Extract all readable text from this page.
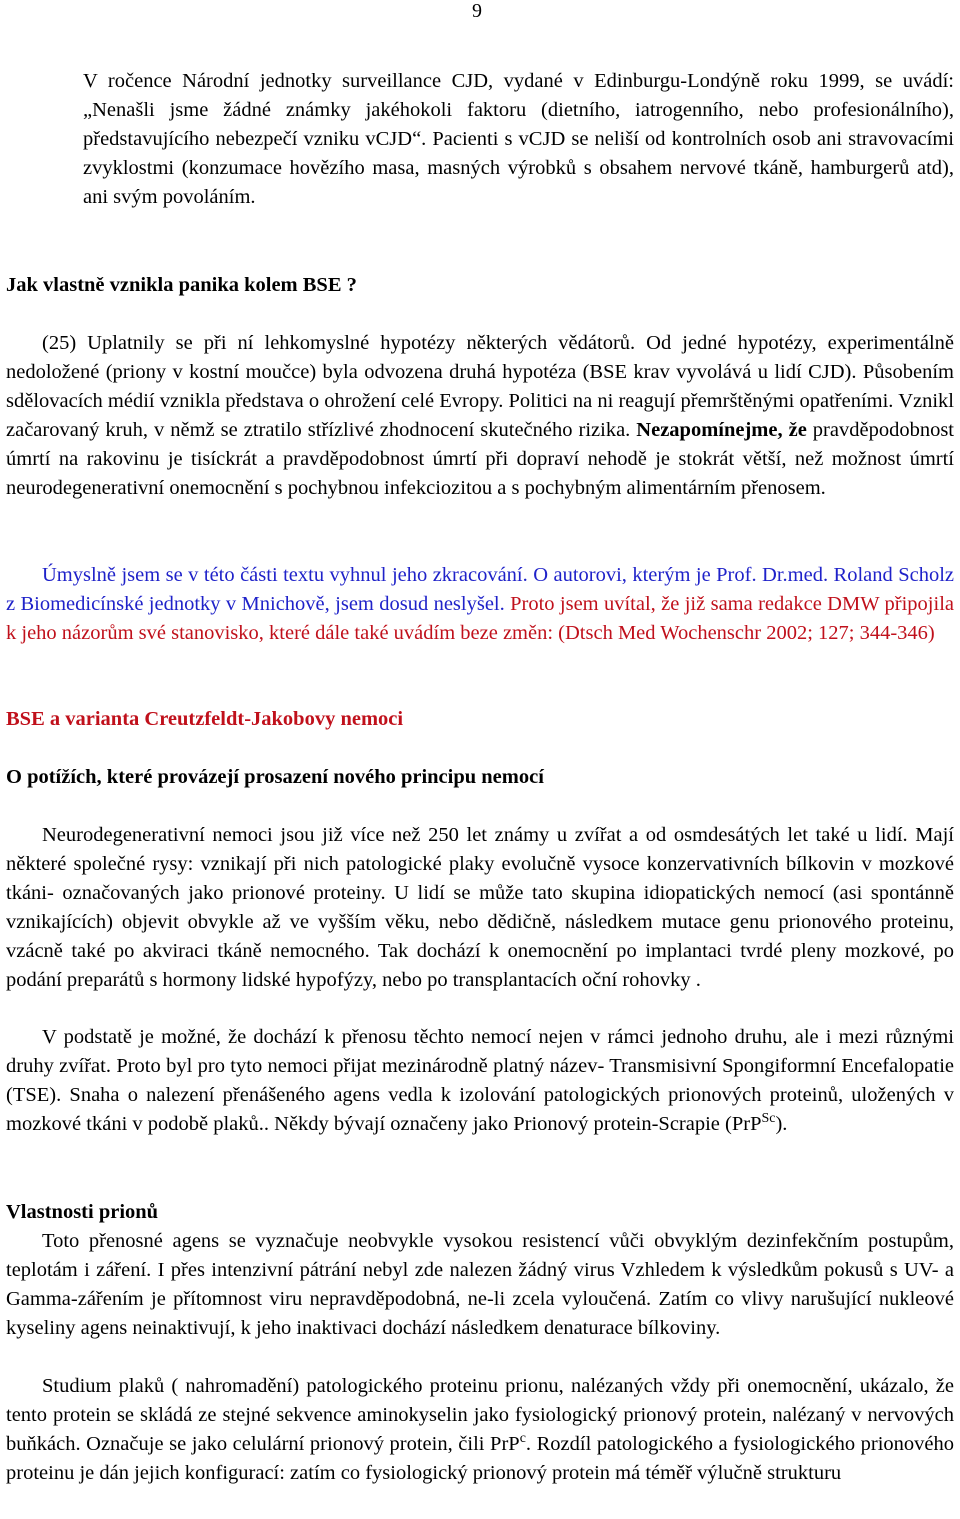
9

V ročence Národní jednotky surveillance CJD, vydané v Edinburgu-Londýně roku 1999, se uvádí: „Nenašli jsme žádné známky jakéhokoli faktoru (dietního, iatrogenního, nebo profesionálního), představujícího nebezpečí vzniku vCJD“. Pacienti s vCJD se neliší od kontrolních osob ani stravovacími zvyklostmi (konzumace hovězího masa, masných výrobků s obsahem nervové tkáně, hamburgerů atd), ani svým povoláním.

Jak vlastně vznikla panika kolem BSE ?

(25) Uplatnily se při ní lehkomyslné hypotézy některých vědátorů. Od jedné hypotézy, experimentálně nedoložené (priony v kostní moučce) byla odvozena druhá hypotéza (BSE krav vyvolává u lidí CJD). Působením sdělovacích médií vznikla představa o ohrožení celé Evropy. Politici na ni reagují přemrštěnými opatřeními. Vznikl začarovaný kruh, v němž se ztratilo střízlivé zhodnocení skutečného rizika. Nezapomínejme, že pravděpodobnost úmrtí na rakovinu je tisíckrát a pravděpodobnost úmrtí při dopraví nehodě je stokrát větší, než možnost úmrtí neurodegenerativní onemocnění s pochybnou infekciozitou a s pochybným alimentárním přenosem.

Úmyslně jsem se v této části textu vyhnul jeho zkracování. O autorovi, kterým je Prof. Dr.med. Roland Scholz z Biomedicínské jednotky v Mnichově, jsem dosud neslyšel. Proto jsem uvítal, že již sama redakce DMW připojila k jeho názorům své stanovisko, které dále také uvádím beze změn: (Dtsch Med Wochenschr 2002; 127; 344-346)

BSE a varianta Creutzfeldt-Jakobovy nemoci

O potížích, které provázejí prosazení nového principu nemocí

Neurodegenerativní nemoci jsou již více než 250 let známy u zvířat a od osmdesátých let také u lidí. Mají některé společné rysy: vznikají při nich patologické plaky evolučně vysoce konzervativních bílkovin v mozkové tkáni- označovaných jako prionové proteiny. U lidí se může tato skupina idiopatických nemocí (asi spontánně vznikajících) objevit obvykle až ve vyšším věku, nebo dědičně, následkem mutace genu prionového proteinu, vzácně také po akviraci tkáně nemocného. Tak dochází k onemocnění po implantaci tvrdé pleny mozkové, po podání preparátů s hormony lidské hypofýzy, nebo po transplantacích oční rohovky .

V podstatě je možné, že dochází k přenosu těchto nemocí nejen v rámci jednoho druhu, ale i mezi různými druhy zvířat. Proto byl pro tyto nemoci přijat mezinárodně platný název- Transmisivní Spongiformní Encefalopatie (TSE). Snaha o nalezení přenášeného agens vedla k izolování patologických prionových proteinů, uložených v mozkové tkáni v podobě plaků.. Někdy bývají označeny jako Prionový protein-Scrapie (PrP$^{Sc}$).

Vlastnosti prionů

Toto přenosné agens se vyznačuje neobvykle vysokou resistencí vůči obvyklým dezinfekčním postupům, teplotám i záření. I přes intenzivní pátrání nebyl zde nalezen žádný virus Vzhledem k výsledkům pokusů s UV- a Gamma-zářením je přítomnost viru nepravděpodobná, ne-li zcela vyloučená. Zatím co vlivy narušující nukleové kyseliny agens neinaktivují, k jeho inaktivaci dochází následkem denaturace bílkoviny.

Studium plaků ( nahromadění) patologického proteinu prionu, nalézaných vždy při onemocnění, ukázalo, že tento protein se skládá ze stejné sekvence aminokyselin jako fysiologický prionový protein, nalézaný v nervových buňkách. Označuje se jako celulární prionový protein, čili PrP$^c$. Rozdíl patologického a fysiologického prionového proteinu je dán jejich konfigurací: zatím co fysiologický prionový protein má téměř výlučně strukturu
